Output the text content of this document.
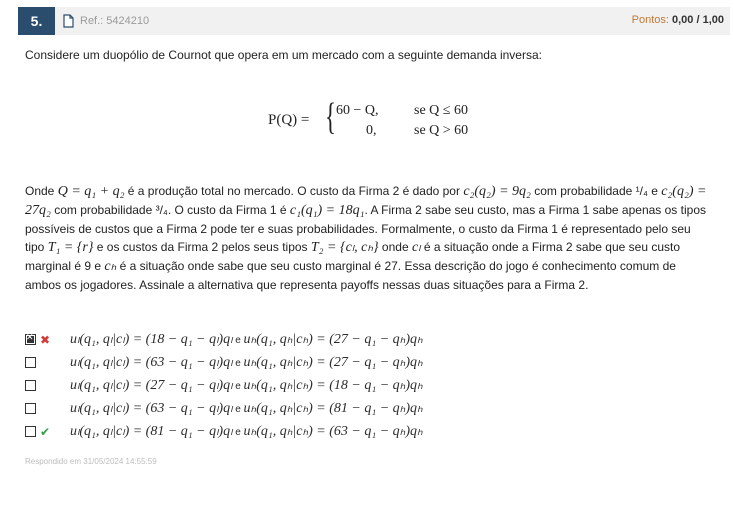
5.	Ref.: 5424210	Pontos: 0,00 / 1,00
Considere um duopólio de Cournot que opera em um mercado com a seguinte demanda inversa:
P(Q) = { 60 − Q,	se Q ≤ 60
0,	se Q > 60
Onde Q = q₁ + q₂ é a produção total no mercado. O custo da Firma 2 é dado por c₂(q₂) = 9q₂ com probabilidade ¹/₄ e c₂(q₂) = 27q₂ com probabilidade ³/₄. O custo da Firma 1 é c₁(q₁) = 18q₁. A Firma 2 sabe seu custo, mas a Firma 1 sabe apenas os tipos possíveis de custos que a Firma 2 pode ter e suas probabilidades. Formalmente, o custo da Firma 1 é representado pelo seu tipo T₁ = {r} e os custos da Firma 2 pelos seus tipos T₂ = {cₗ, cₕ} onde cₗ é a situação onde a Firma 2 sabe que seu custo marginal é 9 e cₕ é a situação onde sabe que seu custo marginal é 27. Essa descrição do jogo é conhecimento comum de ambos os jogadores. Assinale a alternativa que representa payoffs nessas duas situações para a Firma 2.
✕
✖ uₗ(q₁, qₗ|cₗ) = (18 − q₁ − qₗ)qₗ e uₕ(q₁, qₕ|cₕ) = (27 − q₁ − qₕ)qₕ
uₗ(q₁, qₗ|cₗ) = (63 − q₁ − qₗ)qₗ e uₕ(q₁, qₕ|cₕ) = (27 − q₁ − qₕ)qₕ
uₗ(q₁, qₗ|cₗ) = (27 − q₁ − qₗ)qₗ e uₕ(q₁, qₕ|cₕ) = (18 − q₁ − qₕ)qₕ
uₗ(q₁, qₗ|cₗ) = (63 − q₁ − qₗ)qₗ e uₕ(q₁, qₕ|cₕ) = (81 − q₁ − qₕ)qₕ
✔ uₗ(q₁, qₗ|cₗ) = (81 − q₁ − qₗ)qₗ e uₕ(q₁, qₕ|cₕ) = (63 − q₁ − qₕ)qₕ
Respondido em 31/05/2024 14:55:59
